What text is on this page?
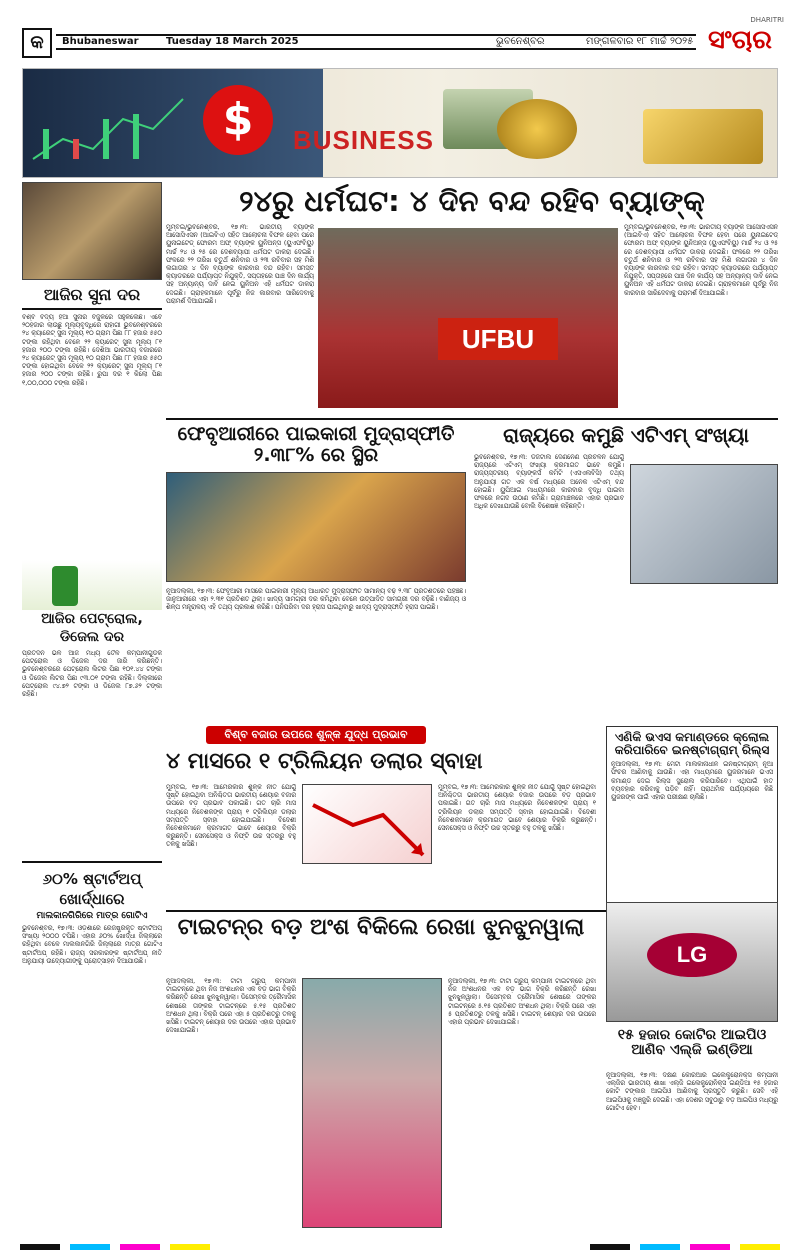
କ	Bhubaneswar	Tuesday 18 March 2025	ଭୁବନେଶ୍ବର	ମଙ୍ଗଳବାର ୧୮ ମାର୍ଚ୍ଚ ୨୦୨୫
DHARITRI
ସଂଚାର
$	BUSINESS
ଆଜିର ସୁନା ଦର
ବିଶ୍ବ ବିଦ୍ୟ ହିଆ ସୁନାର ବିଜୁଳିରେ ସହୁଳିଲେଛି। ଏବେ ୨୦ହଜାର ଲାଉଛୁ ମୂଲ୍ୟବୃଦ୍ଧିରେ ରାହାଗୀ ଭୁବନେଶ୍ବରରେ ୨୪ କ୍ୟାରେଟ୍ ସୁନା ମୂଲ୍ୟ ୧୦ ଗ୍ରାମ ପିଛା ୮୮ ହଜାର ୫୫୦ ଟଙ୍କା ରହିଥିବା ବେଳେ ୨୨ କ୍ୟାରେଟ୍ ସୁନା ମୂଲ୍ୟ ୮୧ ହଜାର ୨୦୦ ଟଙ୍କା ରହିଛି। ଦେଶିଆ ଭାରତୀୟ ବଜାରରେ ୨୪ କ୍ୟାରେଟ୍ ସୁନା ମୂଲ୍ୟ ୧୦ ଗ୍ରାମ ପିଛା ୮୮ ହଜାର ୫୫୦ ଟଙ୍କା ହୋଇଥିବା ବେଳେ ୨୨ କ୍ୟାରେଟ୍ ସୁନା ମୂଲ୍ୟ ୮୧ ହଜାର ୨୦୦ ଟଙ୍କା ରହିଛି। ରୁପା ଦର ୧ କିଲୋ ପିଛା ୧,୦୦,୦୦୦ ଟଙ୍କା ରହିଛି।
ଆଜିର ପେଟ୍ରୋଲ, ଡିଜେଲ ଦର
ପ୍ରତିଦିନ ଭଳି ଆଜି ମଧ୍ୟ ତୈଳ କମ୍ପାନୀଗୁଡିକ ପେଟ୍ରୋଲ ଓ ଡିଜେଲ ଦର ଜାରି କରିଛନ୍ତି। ଭୁବନେଶ୍ବରରେ ପେଟ୍ରୋଲ ଲିଟର ପିଛା ୧୦୧.୪୪ ଟଙ୍କା ଓ ଡିଜେଲ ଲିଟର ପିଛା ୯୩.୦୧ ଟଙ୍କା ରହିଛି। ଦିଲ୍ଲୀରେ ପେଟ୍ରୋଲ ୯୪.୭୨ ଟଙ୍କା ଓ ଡିଜେଲ ୮୭.୬୨ ଟଙ୍କା ରହିଛି।
୬୦% ଷ୍ଟାର୍ଟଅପ୍ ଖୋର୍ଦ୍ଧାରେ
ମାଲକାନଗିରିରେ ମାତ୍ର ଗୋଟିଏ
ଭୁବନେଶ୍ବର, ୧୭।୩: ଓଡ଼ିଶାରେ ରେଜିଷ୍ଟ୍ରିକୃତ ଷ୍ଟାର୍ଟଅପ୍ ସଂଖ୍ୟା ୨୦୦୦ ଟପିଛି। ଏହାର ୬୦% ଖୋର୍ଦ୍ଧା ଜିଲ୍ଲାରେ ରହିଥିବା ବେଳେ ମାଲକାନଗିରି ଜିଲ୍ଲାରେ ମାତ୍ର ଗୋଟିଏ ଷ୍ଟାର୍ଟଅପ୍ ରହିଛି। ରାଜ୍ୟ ସରକାରଙ୍କ ଷ୍ଟାର୍ଟଅପ୍ ନୀତି ଅନୁଯାୟୀ ଉଦ୍ୟୋଗୀଙ୍କୁ ପ୍ରୋତ୍ସାହନ ଦିଆଯାଉଛି।
୨୪ରୁ ଧର୍ମଘଟ: ୪ ଦିନ ବନ୍ଦ ରହିବ ବ୍ୟାଙ୍କ୍
ମୁମ୍ବଇ/ଭୁବନେଶ୍ବର, ୧୭।୩: ଭାରତୀୟ ବ୍ୟାଙ୍କ ଆସୋସିଏସନ (ଆଇବିଏ) ସହିତ ଆଲୋଚନା ବିଫଳ ହେବା ପରେ ୟୁନାଇଟେଡ୍ ଫୋରମ ଅଫ୍ ବ୍ୟାଙ୍କ ୟୁନିଅନ୍ସ (ୟୁଏଫବିୟୁ) ମାର୍ଚ୍ଚ ୨୪ ଓ ୨୫ ରେ ଦେଶବ୍ୟାପୀ ଧର୍ମଘଟ ଡାକରା ଦେଇଛି। ଫଳରେ ୨୨ ତାରିଖ ଚତୁର୍ଥ ଶନିବାର ଓ ୨୩ ରବିବାର ସହ ମିଶି ଲଗାତାର ୪ ଦିନ ବ୍ୟାଙ୍କ କାରବାର ବନ୍ଦ ରହିବ। ସମସ୍ତ କ୍ୟାଡରରେ ପର୍ଯ୍ୟାପ୍ତ ନିଯୁକ୍ତି, ସପ୍ତାହରେ ପାଞ୍ଚ ଦିନ କାର୍ଯ୍ୟ ସହ ଅନ୍ୟାନ୍ୟ ଦାବି ନେଇ ୟୁନିଅନ ଏହି ଧର୍ମଘଟ ଡାକରା ଦେଇଛି। ଗ୍ରାହକମାନେ ପୂର୍ବରୁ ନିଜ କାରବାର ସାରିଦେବାକୁ ପରାମର୍ଶ ଦିଆଯାଇଛି।
UFBU
ମୁମ୍ବଇ/ଭୁବନେଶ୍ବର, ୧୭।୩: ଭାରତୀୟ ବ୍ୟାଙ୍କ ଆସୋସିଏସନ (ଆଇବିଏ) ସହିତ ଆଲୋଚନା ବିଫଳ ହେବା ପରେ ୟୁନାଇଟେଡ୍ ଫୋରମ ଅଫ୍ ବ୍ୟାଙ୍କ ୟୁନିଅନ୍ସ (ୟୁଏଫବିୟୁ) ମାର୍ଚ୍ଚ ୨୪ ଓ ୨୫ ରେ ଦେଶବ୍ୟାପୀ ଧର୍ମଘଟ ଡାକରା ଦେଇଛି। ଫଳରେ ୨୨ ତାରିଖ ଚତୁର୍ଥ ଶନିବାର ଓ ୨୩ ରବିବାର ସହ ମିଶି ଲଗାତାର ୪ ଦିନ ବ୍ୟାଙ୍କ କାରବାର ବନ୍ଦ ରହିବ। ସମସ୍ତ କ୍ୟାଡରରେ ପର୍ଯ୍ୟାପ୍ତ ନିଯୁକ୍ତି, ସପ୍ତାହରେ ପାଞ୍ଚ ଦିନ କାର୍ଯ୍ୟ ସହ ଅନ୍ୟାନ୍ୟ ଦାବି ନେଇ ୟୁନିଅନ ଏହି ଧର୍ମଘଟ ଡାକରା ଦେଇଛି। ଗ୍ରାହକମାନେ ପୂର୍ବରୁ ନିଜ କାରବାର ସାରିଦେବାକୁ ପରାମର୍ଶ ଦିଆଯାଇଛି।
ଫେବୃଆରୀରେ ପାଇକାରୀ ମୁଦ୍ରାସ୍ଫୀତି ୨.୩୮% ରେ ସ୍ଥିର
ନୂଆଦିଲ୍ଲୀ, ୧୭।୩: ଫେବୃଆରୀ ମାସରେ ପାଇକାରୀ ମୂଲ୍ୟ ଆଧାରିତ ମୁଦ୍ରାସ୍ଫୀତି ସାମାନ୍ୟ ବଢ଼ି ୨.୩୮ ପ୍ରତିଶତରେ ପହଞ୍ଚିଛି। ଜାନୁଆରୀରେ ଏହା ୨.୩୧ ପ୍ରତିଶତ ଥିଲା। ଖାଦ୍ୟ ସାମଗ୍ରୀ ଦର କମିଥିବା ବେଳେ ଉତ୍ପାଦିତ ସାମଗ୍ରୀ ଦର ବଢ଼ିଛି। ବାଣିଜ୍ୟ ଓ ଶିଳ୍ପ ମନ୍ତ୍ରାଳୟ ଏହି ତଥ୍ୟ ପ୍ରକାଶ କରିଛି। ପନିପରିବା ଦର ହ୍ରାସ ପାଇଥିବାରୁ ଖାଦ୍ୟ ମୁଦ୍ରାସ୍ଫୀତି ହ୍ରାସ ପାଇଛି।
ରାଜ୍ୟରେ କମୁଛି ଏଟିଏମ୍ ସଂଖ୍ୟା
ଭୁବନେଶ୍ବର, ୧୭।୩: ଡିଜିଟାଲ ଦେଣନେଣ ପ୍ରଚଳନ ଯୋଗୁଁ ରାଜ୍ୟରେ ଏଟିଏମ୍ ସଂଖ୍ୟା କ୍ରମାଗତ ଭାବେ କମୁଛି। ରାଜ୍ୟସ୍ତରୀୟ ବ୍ୟାଙ୍କର୍ସ କମିଟି (ଏସଏଲବିସି) ତଥ୍ୟ ଅନୁଯାୟୀ ଗତ ଏକ ବର୍ଷ ମଧ୍ୟରେ ଅନେକ ଏଟିଏମ୍ ବନ୍ଦ ହୋଇଛି। ୟୁପିଆଇ ମାଧ୍ୟମରେ କାରବାର ବୃଦ୍ଧି ପାଇବା ଫଳରେ ନଗଦ ଉଠାଣ କମିଛି। ଗ୍ରାମାଞ୍ଚଳରେ ଏହାର ପ୍ରଭାବ ଅଧିକ ଦେଖାଯାଉଛି ବୋଲି ବିଶେଷଜ୍ଞ କହିଛନ୍ତି।
ବିଶ୍ବ ବଜାର ଉପରେ ଶୁଳ୍କ ଯୁଦ୍ଧ ପ୍ରଭାବ
୪ ମାସରେ ୧ ଟ୍ରିଲିୟନ ଡଲାର ସ୍ବାହା
ମୁମ୍ବଇ, ୧୭।୩: ଆମେରିକାର ଶୁଳ୍କ ନୀତି ଯୋଗୁଁ ସୃଷ୍ଟି ହୋଇଥିବା ଅନିଶ୍ଚିତତା ଭାରତୀୟ ଶେୟାର ବଜାର ଉପରେ ବଡ଼ ପ୍ରଭାବ ପକାଇଛି। ଗତ ଚାରି ମାସ ମଧ୍ୟରେ ନିବେଶକଙ୍କ ପ୍ରାୟ ୧ ଟ୍ରିଲିୟନ ଡଲାର ସମ୍ପତ୍ତି ସ୍ବାହା ହୋଇଯାଇଛି। ବିଦେଶୀ ନିବେଶକମାନେ କ୍ରମାଗତ ଭାବେ ଶେୟାର ବିକ୍ରି କରୁଛନ୍ତି। ସେନସେକ୍ସ ଓ ନିଫ୍ଟି ଉଚ୍ଚ ସ୍ତରରୁ ବହୁ ତଳକୁ ଖସିଛି।
ମୁମ୍ବଇ, ୧୭।୩: ଆମେରିକାର ଶୁଳ୍କ ନୀତି ଯୋଗୁଁ ସୃଷ୍ଟି ହୋଇଥିବା ଅନିଶ୍ଚିତତା ଭାରତୀୟ ଶେୟାର ବଜାର ଉପରେ ବଡ଼ ପ୍ରଭାବ ପକାଇଛି। ଗତ ଚାରି ମାସ ମଧ୍ୟରେ ନିବେଶକଙ୍କ ପ୍ରାୟ ୧ ଟ୍ରିଲିୟନ ଡଲାର ସମ୍ପତ୍ତି ସ୍ବାହା ହୋଇଯାଇଛି। ବିଦେଶୀ ନିବେଶକମାନେ କ୍ରମାଗତ ଭାବେ ଶେୟାର ବିକ୍ରି କରୁଛନ୍ତି। ସେନସେକ୍ସ ଓ ନିଫ୍ଟି ଉଚ୍ଚ ସ୍ତରରୁ ବହୁ ତଳକୁ ଖସିଛି।
ଏଣିକି ଭଏସ କମାଣ୍ଡରେ କ୍ଲୋଲ କରିପାରିବେ ଇନଷ୍ଟାଗ୍ରାମ୍ ରିଲ୍ସ
ନୂଆଦିଲ୍ଲୀ, ୧୭।୩: ମେଟା ମାଲିକାନାଧୀନ ଇନଷ୍ଟାଗ୍ରାମ୍ ନୂଆ ଫିଚର ଆଣିବାକୁ ଯାଉଛି। ଏହା ମାଧ୍ୟମରେ ୟୁଜରମାନେ ଭଏସ କମାଣ୍ଡ ଦେଇ ରିଲ୍ସ ସ୍କ୍ରୋଲ କରିପାରିବେ। ଏଥିପାଇଁ ହାତ ବ୍ୟବହାର କରିବାକୁ ପଡ଼ିବ ନାହିଁ। ପ୍ରାଥମିକ ପର୍ଯ୍ୟାୟରେ କିଛି ୟୁଜରଙ୍କ ପାଇଁ ଏହାର ପରୀକ୍ଷଣ ଚାଲିଛି।
ଟାଇଟନ୍‌ର ବଡ଼ ଅଂଶ ବିକିଲେ ରେଖା ଝୁନଝୁନୱାଲା
ନୂଆଦିଲ୍ଲୀ, ୧୭।୩: ଟାଟା ଗ୍ରୁପ୍ କମ୍ପାନୀ ଟାଇଟନ୍‌ରେ ଥିବା ନିଜ ଅଂଶଧନର ଏକ ବଡ଼ ଭାଗ ବିକ୍ରି କରିଛନ୍ତି ରେଖା ଝୁନଝୁନୱାଲା। ଡିସେମ୍ବର ତ୍ରୈମାସିକ ଶେଷରେ ତାଙ୍କର ଟାଇଟନ୍‌ରେ ୫.୧୫ ପ୍ରତିଶତ ଅଂଶଧନ ଥିଲା। ବିକ୍ରି ପରେ ଏହା ୫ ପ୍ରତିଶତରୁ ତଳକୁ ଖସିଛି। ଟାଇଟନ୍ ଶେୟାର ଦର ଉପରେ ଏହାର ପ୍ରଭାବ ଦେଖାଯାଇଛି।
ନୂଆଦିଲ୍ଲୀ, ୧୭।୩: ଟାଟା ଗ୍ରୁପ୍ କମ୍ପାନୀ ଟାଇଟନ୍‌ରେ ଥିବା ନିଜ ଅଂଶଧନର ଏକ ବଡ଼ ଭାଗ ବିକ୍ରି କରିଛନ୍ତି ରେଖା ଝୁନଝୁନୱାଲା। ଡିସେମ୍ବର ତ୍ରୈମାସିକ ଶେଷରେ ତାଙ୍କର ଟାଇଟନ୍‌ରେ ୫.୧୫ ପ୍ରତିଶତ ଅଂଶଧନ ଥିଲା। ବିକ୍ରି ପରେ ଏହା ୫ ପ୍ରତିଶତରୁ ତଳକୁ ଖସିଛି। ଟାଇଟନ୍ ଶେୟାର ଦର ଉପରେ ଏହାର ପ୍ରଭାବ ଦେଖାଯାଇଛି।
LG
୧୫ ହଜାର କୋଟିର ଆଇପିଓ ଆଣିବ ଏଲ୍‌ଜି ଇଣ୍ଡିଆ
ନୂଆଦିଲ୍ଲୀ, ୧୭।୩: ଦକ୍ଷିଣ କୋରିଆର ଇଲେକ୍ଟ୍ରୋନିକ୍ସ କମ୍ପାନୀ ଏଲ୍‌ଜିର ଭାରତୀୟ ଶାଖା ଏଲ୍‌ଜି ଇଲେକ୍ଟ୍ରୋନିକ୍ସ ଇଣ୍ଡିଆ ୧୫ ହଜାର କୋଟି ଟଙ୍କାର ଆଇପିଓ ଆଣିବାକୁ ପ୍ରସ୍ତୁତି କରୁଛି। ସେବି ଏହି ଆଇପିଓକୁ ମଞ୍ଜୁରି ଦେଇଛି। ଏହା ଦେଶର ସବୁଠାରୁ ବଡ଼ ଆଇପିଓ ମଧ୍ୟରୁ ଗୋଟିଏ ହେବ।
